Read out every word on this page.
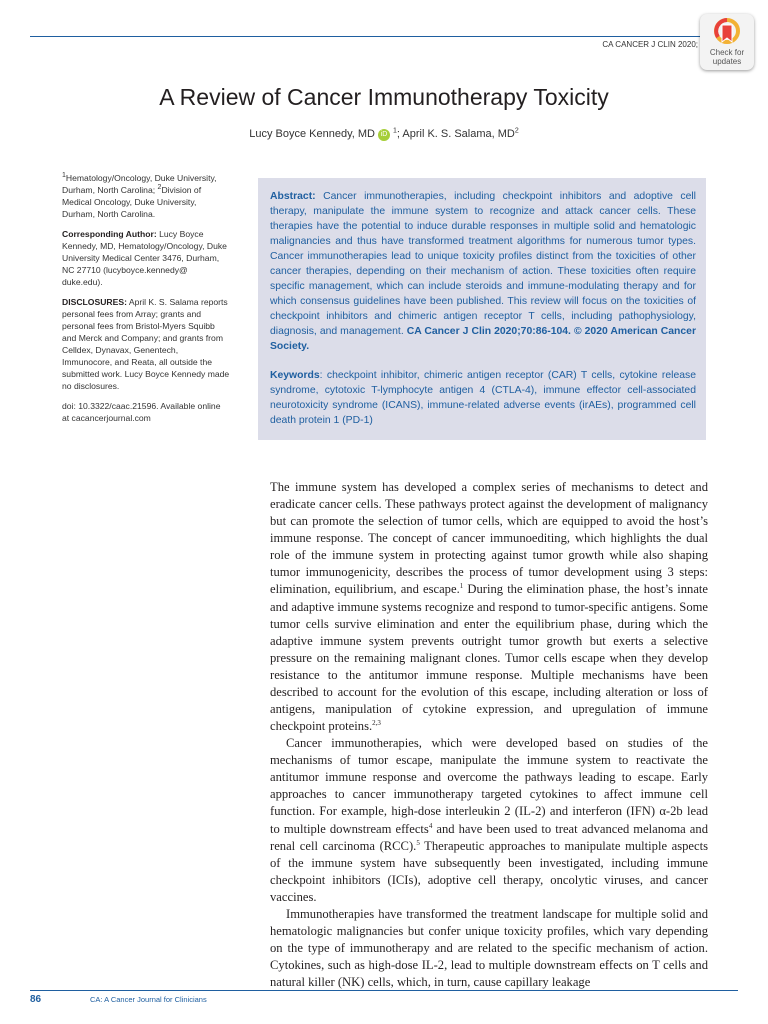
CA CANCER J CLIN 2020;
Check for
updates
A Review of Cancer Immunotherapy Toxicity
Lucy Boyce Kennedy, MD $iD^1$; April K. S. Salama, $MD^2$

$^1$Hematology/Oncology, Duke University, Durham, North Carolina; $^2$Division of Medical Oncology, Duke University, Durham, North Carolina.

Corresponding Author: Lucy Boyce Kennedy, MD, Hematology/Oncology, Duke University Medical Center 3476, Durham, NC 27710 (lucyboyce.kennedy@ duke.edu).

DISCLOSURES: April K. S. Salama reports personal fees from Array; grants and personal fees from Bristol-Myers Squibb and Merck and Company; and grants from Celldex, Dynavax, Genentech, Immunocore, and Reata, all outside the submitted work. Lucy Boyce Kennedy made no disclosures.

doi: 10.3322/caac.21596. Available online at cacancerjournal.com

Abstract: Cancer immunotherapies, including checkpoint inhibitors and adoptive cell therapy, manipulate the immune system to recognize and attack cancer cells. These therapies have the potential to induce durable responses in multiple solid and hematologic malignancies and thus have transformed treatment algorithms for numerous tumor types. Cancer immunotherapies lead to unique toxicity profiles distinct from the toxicities of other cancer therapies, depending on their mechanism of action. These toxicities often require specific management, which can include steroids and immune-modulating therapy and for which consensus guidelines have been published. This review will focus on the toxicities of checkpoint inhibitors and chimeric antigen receptor T cells, including pathophysiology, diagnosis, and management. CA Cancer J Clin 2020;70:86-104. © 2020 American Cancer Society.

Keywords: checkpoint inhibitor, chimeric antigen receptor (CAR) T cells, cytokine release syndrome, cytotoxic T-lymphocyte antigen 4 (CTLA-4), immune effector cell-associated neurotoxicity syndrome (ICANS), immune-related adverse events (irAEs), programmed cell death protein 1 (PD-1)

The immune system has developed a complex series of mechanisms to detect and eradicate cancer cells. These pathways protect against the development of malignancy but can promote the selection of tumor cells, which are equipped to avoid the host’s immune response. The concept of cancer immunoediting, which highlights the dual role of the immune system in protecting against tumor growth while also shaping tumor immunogenicity, describes the process of tumor development using 3 steps: elimination, equilibrium, and escape.$^1$ During the elimination phase, the host’s innate and adaptive immune systems recognize and respond to tumor-specific antigens. Some tumor cells survive elimination and enter the equilibrium phase, during which the adaptive immune system prevents outright tumor growth but exerts a selective pressure on the remaining malignant clones. Tumor cells escape when they develop resistance to the antitumor immune response. Multiple mechanisms have been described to account for the evolution of this escape, including alteration or loss of antigens, manipulation of cytokine expression, and upregulation of immune checkpoint proteins.$^{2,3}$

Cancer immunotherapies, which were developed based on studies of the mechanisms of tumor escape, manipulate the immune system to reactivate the antitumor immune response and overcome the pathways leading to escape. Early approaches to cancer immunotherapy targeted cytokines to affect immune cell function. For example, high-dose interleukin 2 (IL-2) and interferon (IFN) α-2b lead to multiple downstream effects$^4$ and have been used to treat advanced melanoma and renal cell carcinoma (RCC).$^5$ Therapeutic approaches to manipulate multiple aspects of the immune system have subsequently been investigated, including immune checkpoint inhibitors (ICIs), adoptive cell therapy, oncolytic viruses, and cancer vaccines.

Immunotherapies have transformed the treatment landscape for multiple solid and hematologic malignancies but confer unique toxicity profiles, which vary depending on the type of immunotherapy and are related to the specific mechanism of action. Cytokines, such as high-dose IL-2, lead to multiple downstream effects on T cells and natural killer (NK) cells, which, in turn, cause capillary leakage

86	CA: A Cancer Journal for Clinicians
